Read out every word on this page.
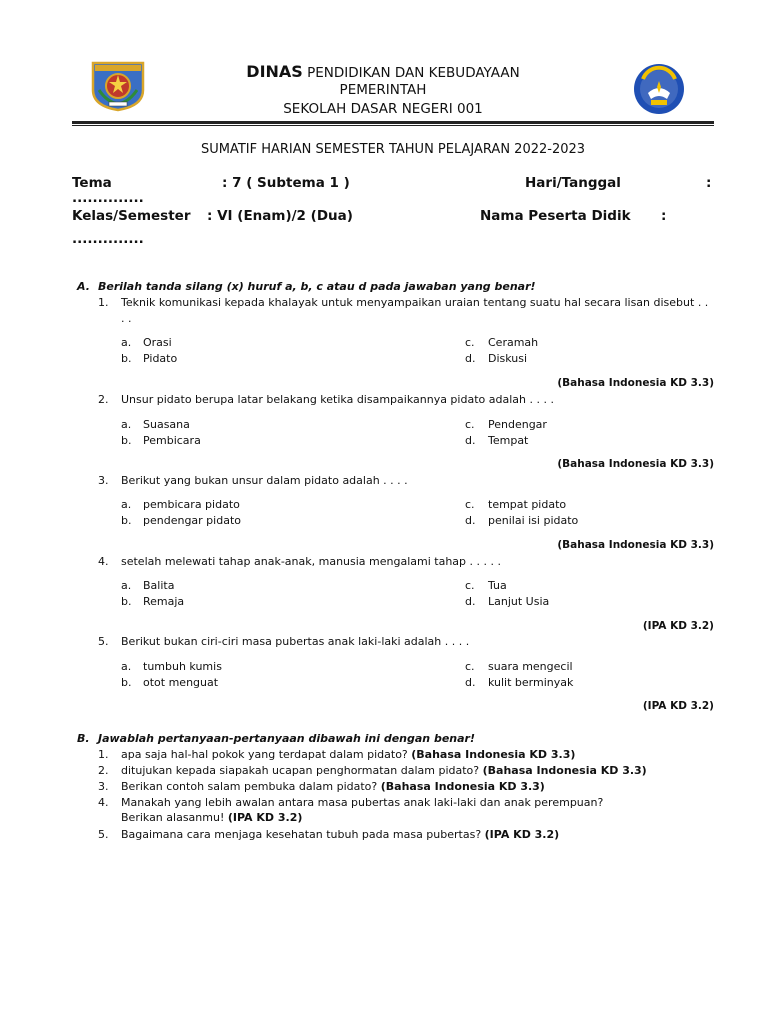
DINAS PENDIDIKAN DAN KEBUDAYAAN
PEMERINTAH
SEKOLAH DASAR NEGERI 001
SUMATIF HARIAN SEMESTER TAHUN PELAJARAN 2022-2023
Tema	: 7 ( Subtema 1 )	Hari/Tanggal	:
..............
Kelas/Semester : VI (Enam)/2 (Dua)	Nama Peserta Didik :
..............
A. Berilah tanda silang (x) huruf a, b, c atau d pada jawaban yang benar!
1. Teknik komunikasi kepada khalayak untuk menyampaikan uraian tentang suatu hal secara lisan disebut . .
. .
a. Orasi
b. Pidato
c. Ceramah
d. Diskusi
(Bahasa Indonesia KD 3.3)
2. Unsur pidato berupa latar belakang ketika disampaikannya pidato adalah . . . .
a. Suasana
b. Pembicara
c. Pendengar
d. Tempat
(Bahasa Indonesia KD 3.3)
3. Berikut yang bukan unsur dalam pidato adalah . . . .
a. pembicara pidato
b. pendengar pidato
c. tempat pidato
d. penilai isi pidato
(Bahasa Indonesia KD 3.3)
4. setelah melewati tahap anak-anak, manusia mengalami tahap . . . . .
a. Balita
b. Remaja
c. Tua
d. Lanjut Usia
(IPA KD 3.2)
5. Berikut bukan ciri-ciri masa pubertas anak laki-laki adalah . . . .
a. tumbuh kumis
b. otot menguat
c. suara mengecil
d. kulit berminyak
(IPA KD 3.2)
B. Jawablah pertanyaan-pertanyaan dibawah ini dengan benar!
1. apa saja hal-hal pokok yang terdapat dalam pidato? (Bahasa Indonesia KD 3.3)
2. ditujukan kepada siapakah ucapan penghormatan dalam pidato? (Bahasa Indonesia KD 3.3)
3. Berikan contoh salam pembuka dalam pidato? (Bahasa Indonesia KD 3.3)
4. Manakah yang lebih awalan antara masa pubertas anak laki-laki dan anak perempuan?
Berikan alasanmu! (IPA KD 3.2)
5. Bagaimana cara menjaga kesehatan tubuh pada masa pubertas? (IPA KD 3.2)
